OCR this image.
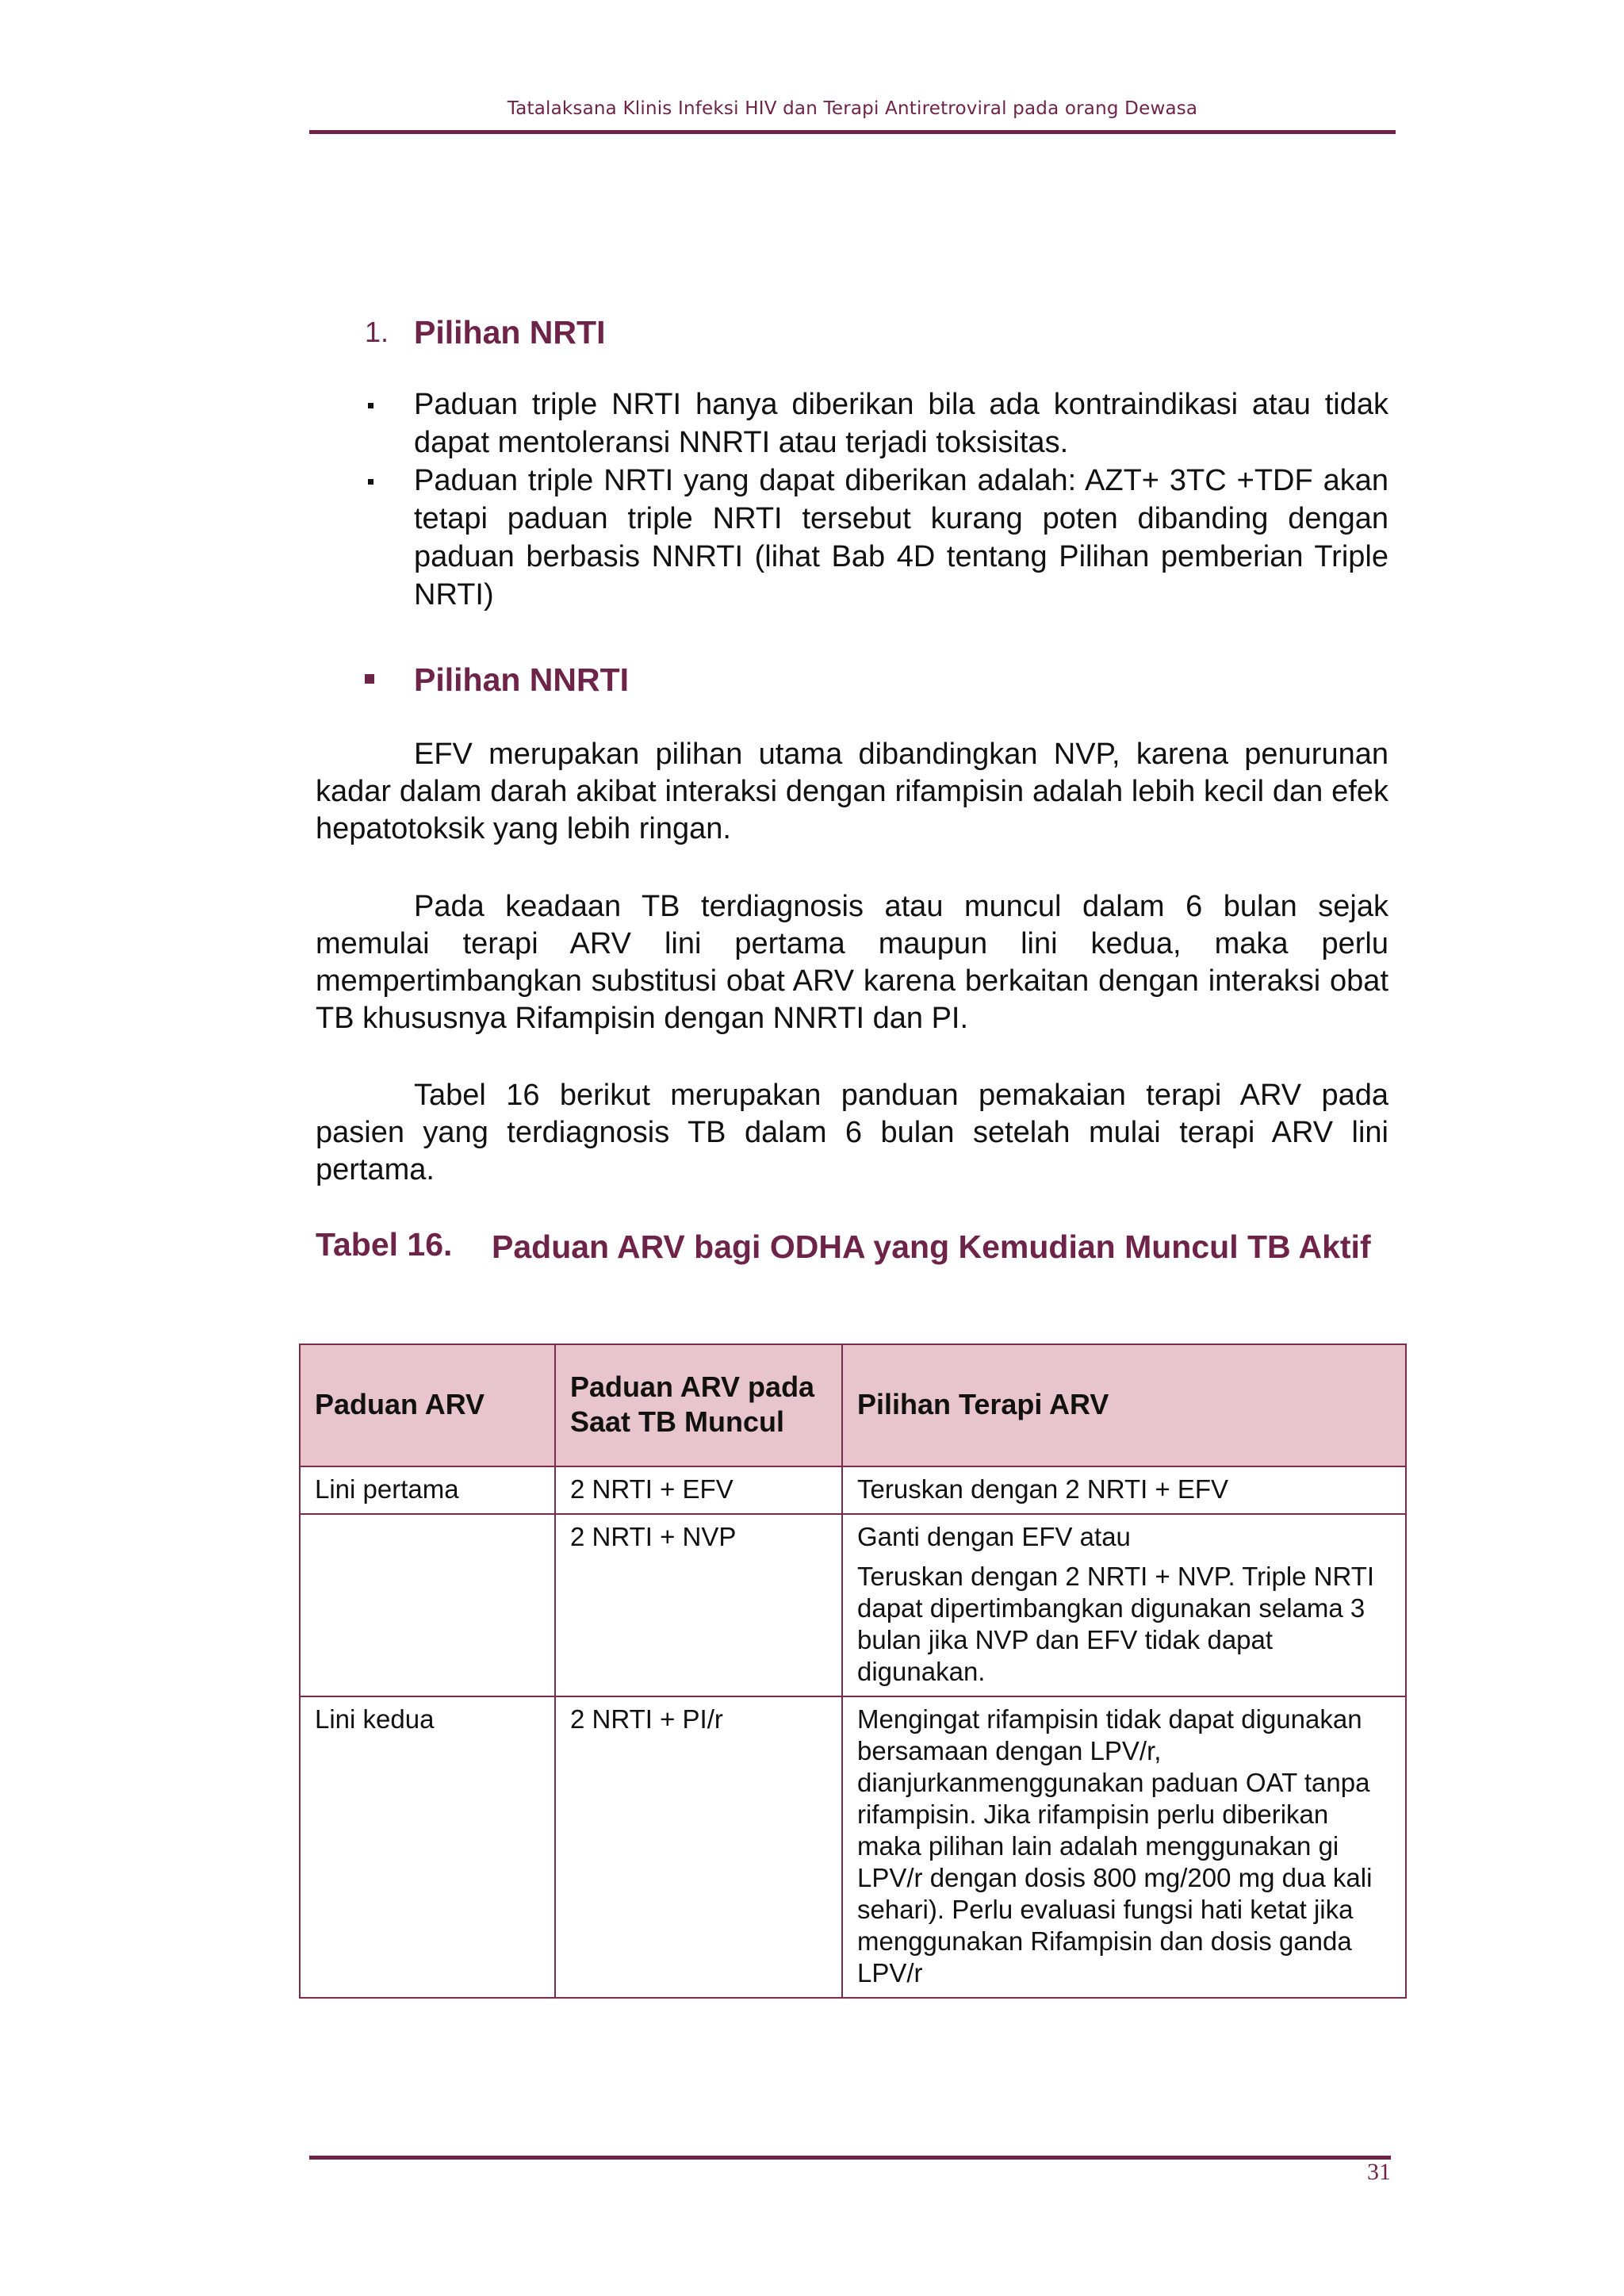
Tatalaksana Klinis Infeksi HIV dan Terapi Antiretroviral pada orang Dewasa
1. Pilihan NRTI
Paduan triple NRTI hanya diberikan bila ada kontraindikasi atau tidak dapat mentoleransi NNRTI atau terjadi toksisitas.
Paduan triple NRTI yang dapat diberikan adalah: AZT+ 3TC +TDF akan tetapi paduan triple NRTI tersebut kurang poten dibanding dengan paduan berbasis NNRTI (lihat Bab 4D tentang Pilihan pemberian Triple NRTI)
Pilihan NNRTI

EFV merupakan pilihan utama dibandingkan NVP, karena penurunan kadar dalam darah akibat interaksi dengan rifampisin adalah lebih kecil dan efek hepatotoksik yang lebih ringan.

Pada keadaan TB terdiagnosis atau muncul dalam 6 bulan sejak memulai terapi ARV lini pertama maupun lini kedua, maka perlu mempertimbangkan substitusi obat ARV karena berkaitan dengan interaksi obat TB khususnya Rifampisin dengan NNRTI dan PI.

Tabel 16 berikut merupakan panduan pemakaian terapi ARV pada pasien yang terdiagnosis TB dalam 6 bulan setelah mulai terapi ARV lini pertama.

Tabel 16. Paduan ARV bagi ODHA yang Kemudian Muncul TB Aktif
Paduan ARV	Paduan ARV pada Saat TB Muncul	Pilihan Terapi ARV
Lini pertama	2 NRTI + EFV	Teruskan dengan 2 NRTI + EFV
	2 NRTI + NVP	Ganti dengan EFV atau
Teruskan dengan 2 NRTI + NVP. Triple NRTI dapat dipertimbangkan digunakan selama 3 bulan jika NVP dan EFV tidak dapat digunakan.

Lini kedua	2 NRTI + PI/r	Mengingat rifampisin tidak dapat digunakan bersamaan dengan LPV/r, dianjurkanmenggunakan paduan OAT tanpa rifampisin. Jika rifampisin perlu diberikan maka pilihan lain adalah menggunakan gi LPV/r dengan dosis 800 mg/200 mg dua kali sehari). Perlu evaluasi fungsi hati ketat jika menggunakan Rifampisin dan dosis ganda LPV/r
31
